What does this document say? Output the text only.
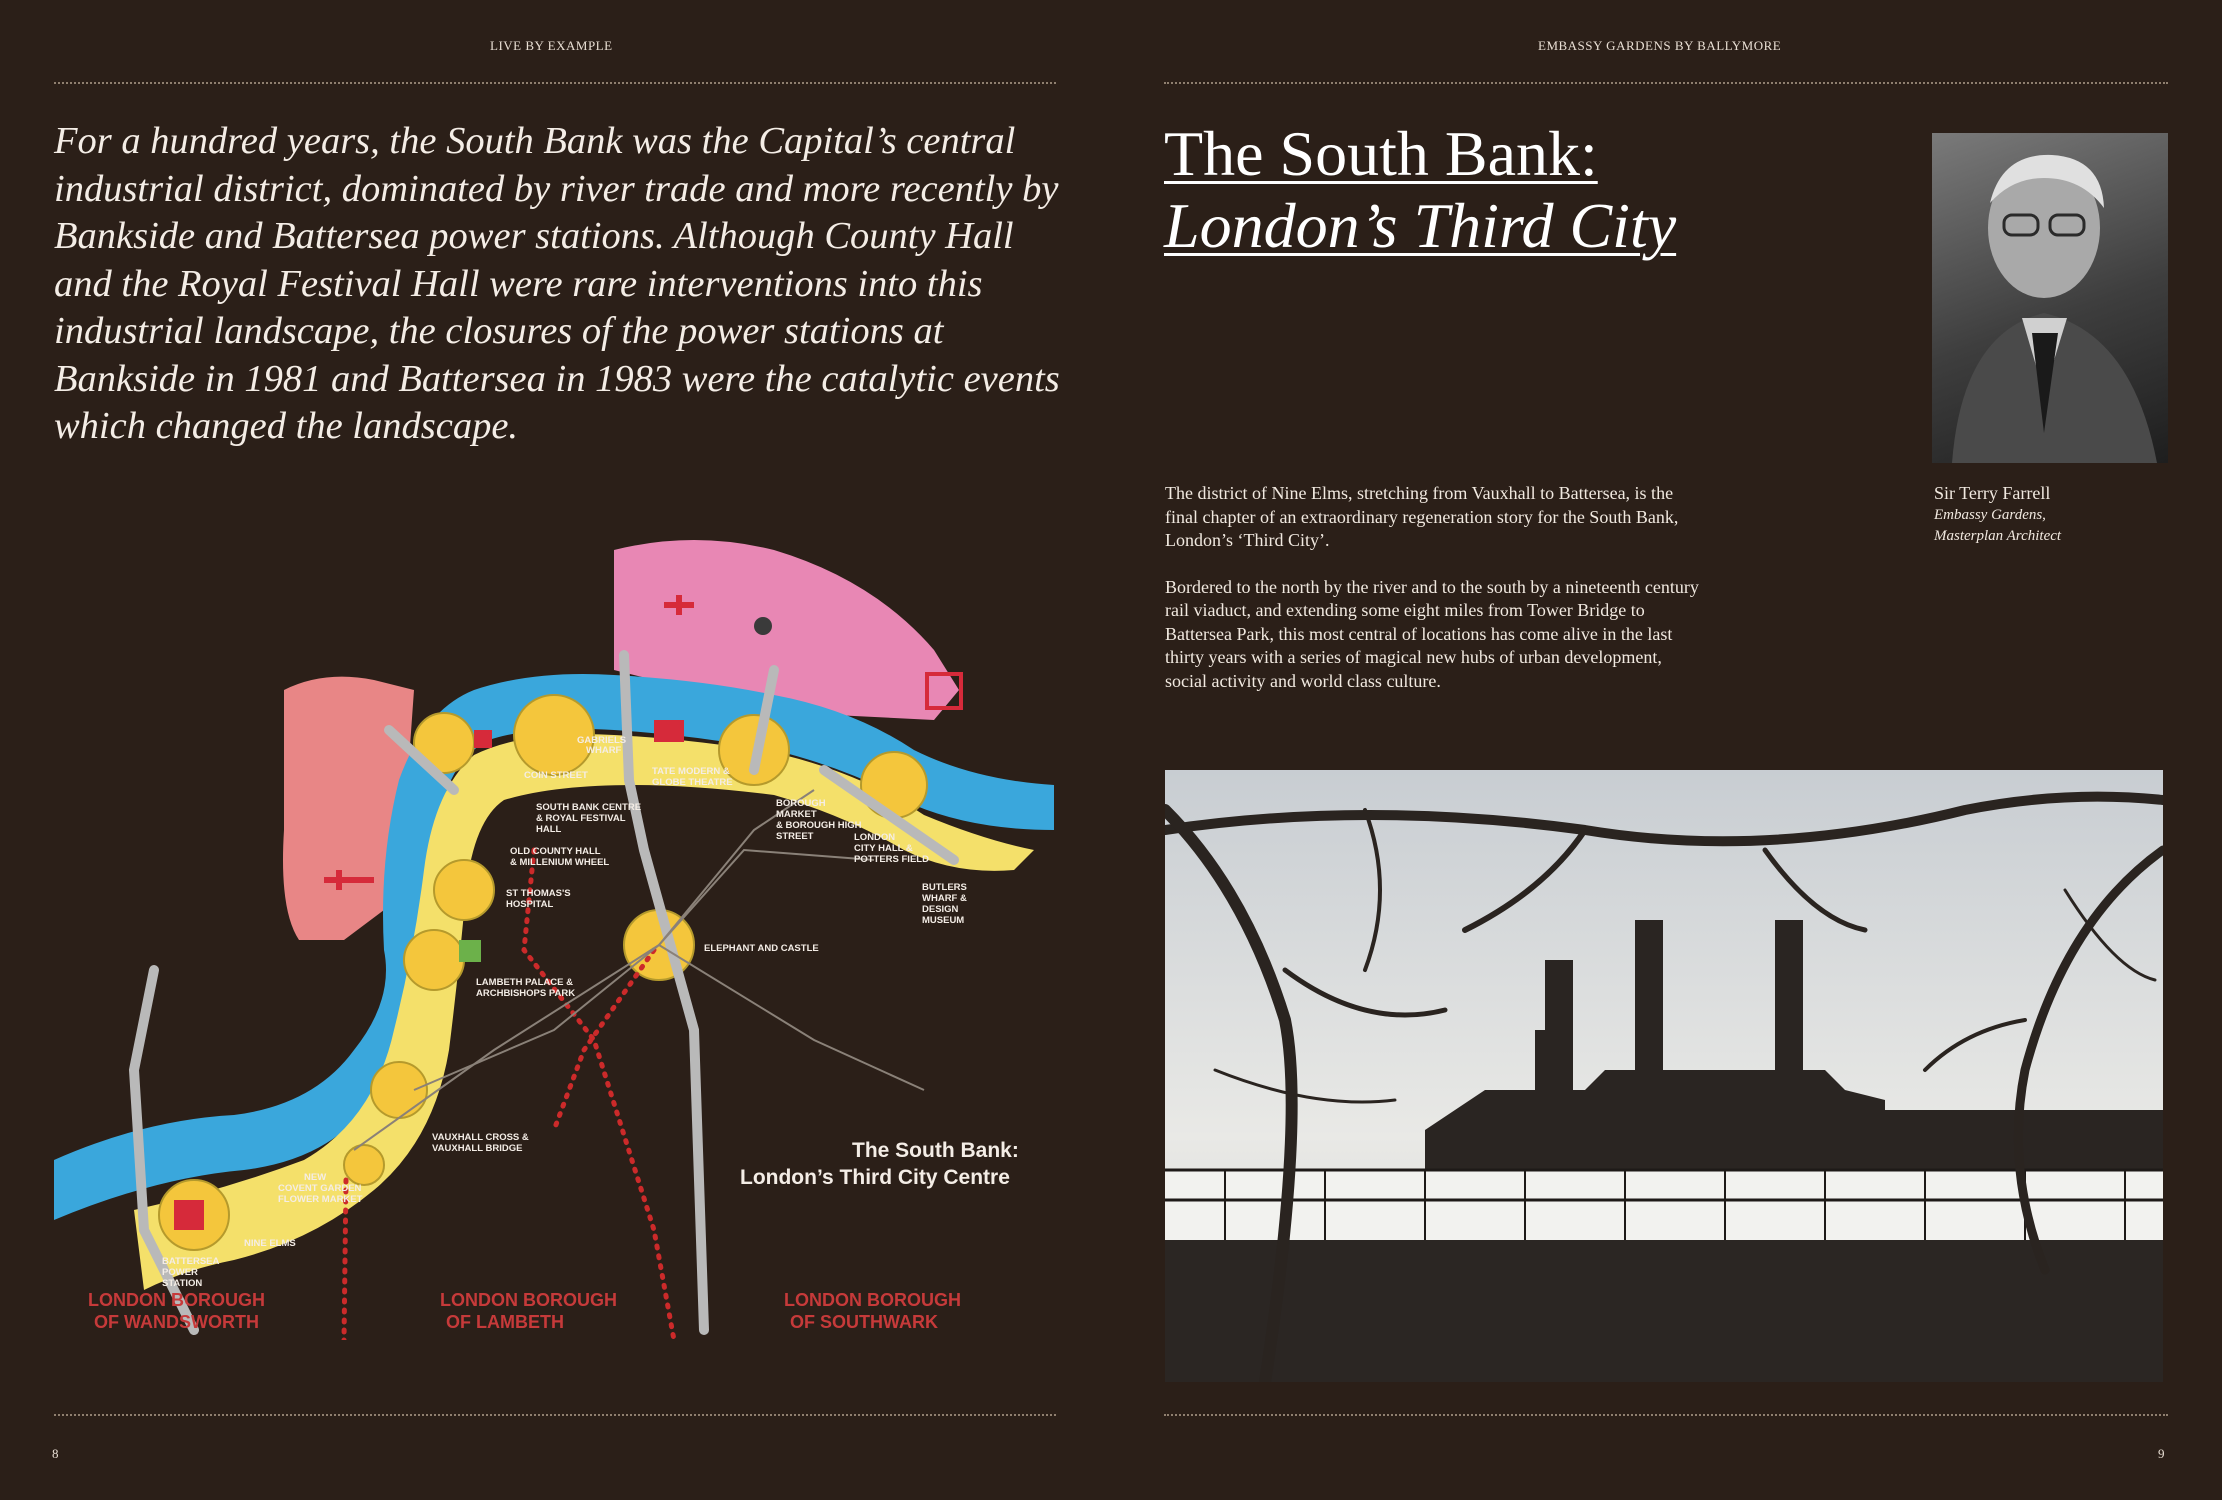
LIVE BY EXAMPLE
For a hundred years, the South Bank was the Capital’s central industrial district, dominated by river trade and more recently by Bankside and Battersea power stations. Although County Hall and the Royal Festival Hall were rare interventions into this industrial landscape, the closures of the power stations at Bankside in 1981 and Battersea in 1983 were the catalytic events which changed the landscape.
GABRIELS WHARF
COIN STREET	TATE MODERN & GLOBE THEATRE
BOROUGH MARKET & BOROUGH HIGH STREET
SOUTH BANK CENTRE & ROYAL FESTIVAL HALL
OLD COUNTY HALL & MILLENIUM WHEEL
LONDON CITY HALL & POTTERS FIELD
BUTLERS WHARF & DESIGN MUSEUM
ST THOMAS'S HOSPITAL
ELEPHANT AND CASTLE
LAMBETH PALACE & ARCHBISHOPS PARK
VAUXHALL CROSS & VAUXHALL BRIDGE
NEW COVENT GARDEN FLOWER MARKET
NINE ELMS
BATTERSEA POWER STATION
The South Bank:
London’s Third City Centre
LONDON BOROUGH OF WANDSWORTH
LONDON BOROUGH OF LAMBETH
LONDON BOROUGH OF SOUTHWARK
8
EMBASSY GARDENS BY BALLYMORE
The South Bank:
London’s Third City
Sir Terry Farrell
Embassy Gardens,
Masterplan Architect

The district of Nine Elms, stretching from Vauxhall to Battersea, is the final chapter of an extraordinary regeneration story for the South Bank, London’s ‘Third City’.

Bordered to the north by the river and to the south by a nineteenth century rail viaduct, and extending some eight miles from Tower Bridge to Battersea Park, this most central of locations has come alive in the last thirty years with a series of magical new hubs of urban development, social activity and world class culture.

9
